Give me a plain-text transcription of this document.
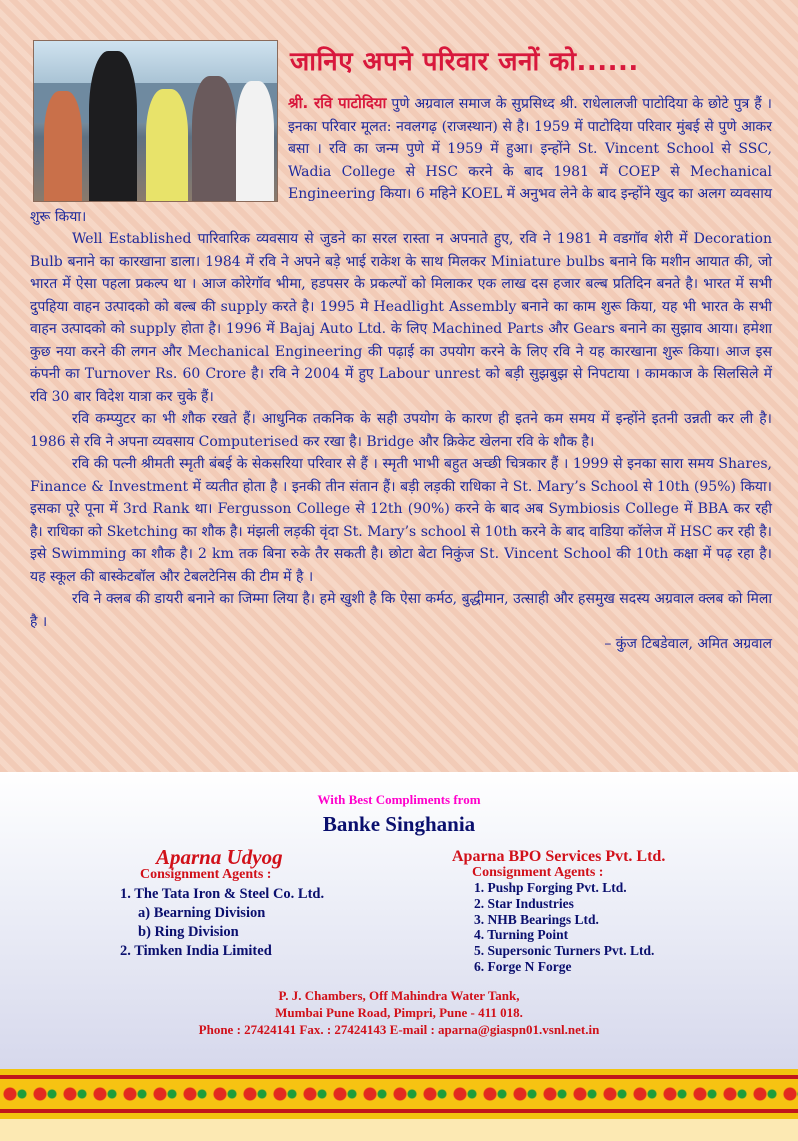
जानिए अपने परिवार जनों को......

श्री. रवि पाटोदिया पुणे अग्रवाल समाज के सुप्रसिध्द श्री. राधेलालजी पाटोदिया के छोटे पुत्र हैं । इनका परिवार मूलत: नवलगढ़ (राजस्थान) से है। 1959 में पाटोदिया परिवार मुंबई से पुणे आकर बसा । रवि का जन्म पुणे में 1959 में हुआ। इन्होंने St. Vincent School से SSC, Wadia College से HSC करने के बाद 1981 में COEP से Mechanical Engineering किया। 6 महिने KOEL में अनुभव लेने के बाद इन्होंने खुद का अलग व्यवसाय शुरू किया।

Well Established पारिवारिक व्यवसाय से जुडने का सरल रास्ता न अपनाते हुए, रवि ने 1981 मे वडगॉव शेरी में Decoration Bulb बनाने का कारखाना डाला। 1984 में रवि ने अपने बड़े भाई राकेश के साथ मिलकर Miniature bulbs बनाने कि मशीन आयात की, जो भारत में ऐसा पहला प्रकल्प था । आज कोरेगॉव भीमा, हडपसर के प्रकल्पों को मिलाकर एक लाख दस हजार बल्ब प्रतिदिन बनते है। भारत में सभी दुपहिया वाहन उत्पादको को बल्ब की supply करते है। 1995 मे Headlight Assembly बनाने का काम शुरू किया, यह भी भारत के सभी वाहन उत्पादको को supply होता है। 1996 में Bajaj Auto Ltd. के लिए Machined Parts और Gears बनाने का सुझाव आया। हमेशा कुछ नया करने की लगन और Mechanical Engineering की पढ़ाई का उपयोग करने के लिए रवि ने यह कारखाना शुरू किया। आज इस कंपनी का Turnover Rs. 60 Crore है। रवि ने 2004 में हुए Labour unrest को बड़ी सुझबुझ से निपटाया । कामकाज के सिलसिले में रवि 30 बार विदेश यात्रा कर चुके हैं।

रवि कम्प्युटर का भी शौक रखते हैं। आधुनिक तकनिक के सही उपयोग के कारण ही इतने कम समय में इन्होंने इतनी उन्नती कर ली है। 1986 से रवि ने अपना व्यवसाय Computerised कर रखा है। Bridge और क्रिकेट खेलना रवि के शौक है।

रवि की पत्नी श्रीमती स्मृती बंबई के सेकसरिया परिवार से हैं । स्मृती भाभी बहुत अच्छी चित्रकार हैं । 1999 से इनका सारा समय Shares, Finance & Investment में व्यतीत होता है । इनकी तीन संतान हैं। बड़ी लड़की राधिका ने St. Mary’s School से 10th (95%) किया। इसका पूरे पूना में 3rd Rank था। Fergusson College से 12th (90%) करने के बाद अब Symbiosis College में BBA कर रही है। राधिका को Sketching का शौक है। मंझली लड़की वृंदा St. Mary’s school से 10th करने के बाद वाडिया कॉलेज में HSC कर रही है। इसे Swimming का शौक है। 2 km तक बिना रुके तैर सकती है। छोटा बेटा निकुंज St. Vincent School की 10th कक्षा में पढ़ रहा है। यह स्कूल की बास्केटबॉल और टेबलटेनिस की टीम में है ।

रवि ने क्लब की डायरी बनाने का जिम्मा लिया है। हमे खुशी है कि ऐसा कर्मठ, बुद्धीमान, उत्साही और हसमुख सदस्य अग्रवाल क्लब को मिला है ।

– कुंज टिबडेवाल, अमित अग्रवाल

With Best Compliments from
Banke Singhania
Aparna Udyog
Consignment Agents :
1. The Tata Iron & Steel Co. Ltd.
a) Bearning Division
b) Ring Division
2. Timken India Limited
Aparna BPO Services Pvt. Ltd.
Consignment Agents :
1. Pushp Forging Pvt. Ltd.
2. Star Industries
3. NHB Bearings Ltd.
4. Turning Point
5. Supersonic Turners Pvt. Ltd.
6. Forge N Forge
P. J. Chambers, Off Mahindra Water Tank,
Mumbai Pune Road, Pimpri, Pune - 411 018.
Phone : 27424141 Fax. : 27424143 E-mail : aparna@giaspn01.vsnl.net.in
